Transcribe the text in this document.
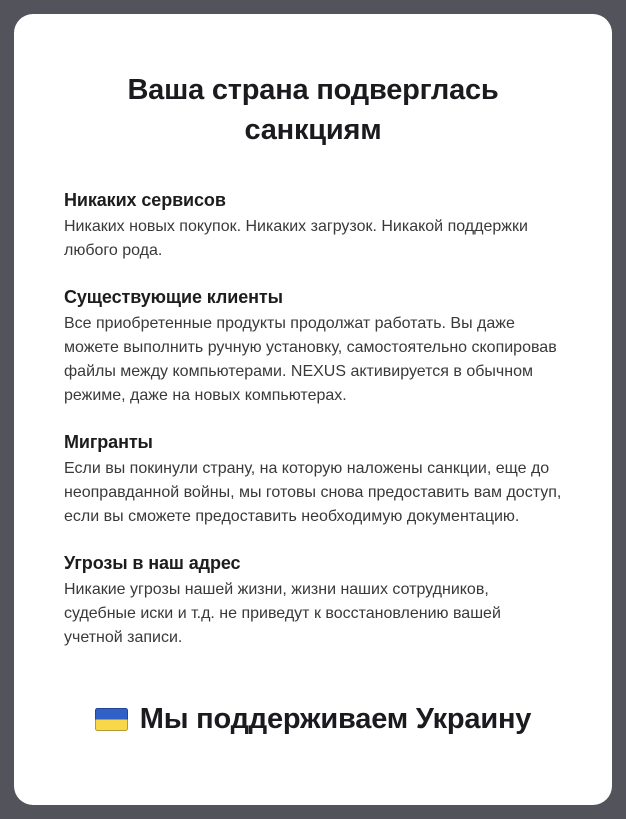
Ваша страна подверглась
санкциям
Никаких сервисов

Никаких новых покупок. Никаких загрузок. Никакой поддержки любого рода.

Существующие клиенты

Все приобретенные продукты продолжат работать. Вы даже можете выполнить ручную установку, самостоятельно скопировав файлы между компьютерами. NEXUS активируется в обычном режиме, даже на новых компьютерах.

Мигранты

Если вы покинули страну, на которую наложены санкции, еще до неоправданной войны, мы готовы снова предоставить вам доступ, если вы сможете предоставить необходимую документацию.

Угрозы в наш адрес

Никакие угрозы нашей жизни, жизни наших сотрудников, судебные иски и т.д. не приведут к восстановлению вашей учетной записи.

Мы поддерживаем Украину
